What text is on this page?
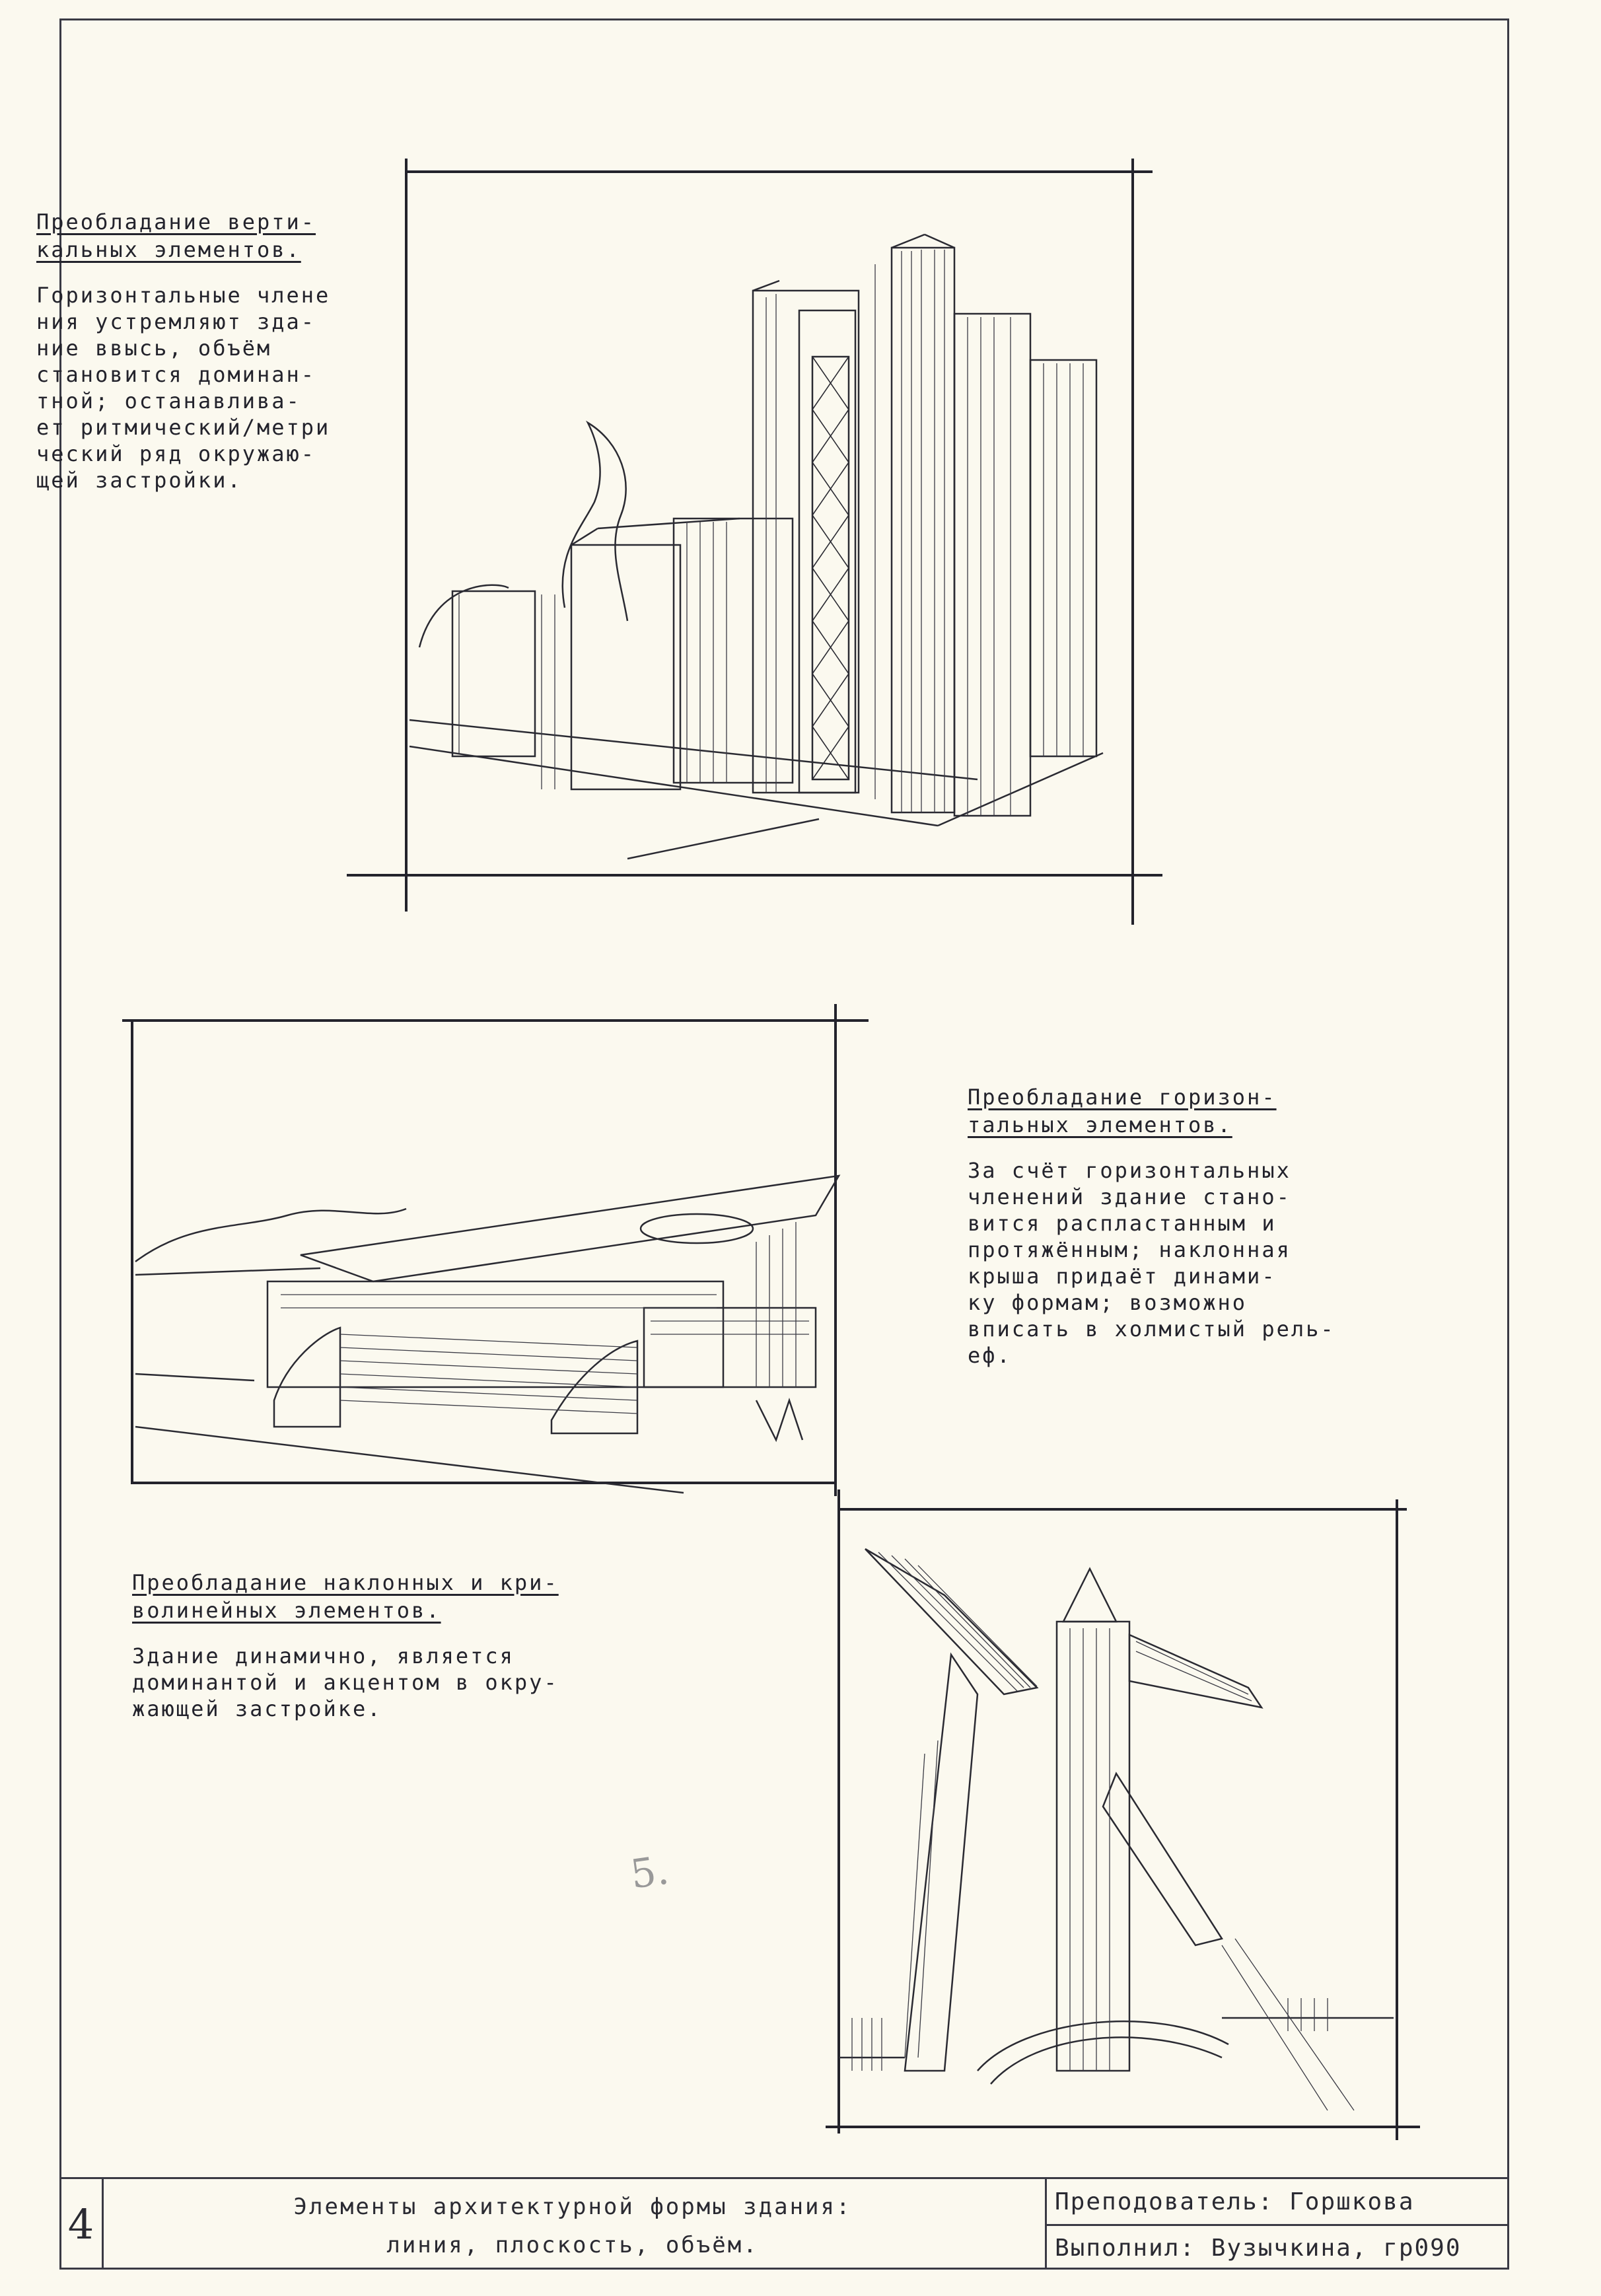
Преобладание верти-
кальных элементов.
Горизонтальные члене
ния устремляют зда-
ние ввысь, объём
становится доминан-
тной; останавлива-
ет ритмический/метри
ческий ряд окружаю-
щей застройки.
Преобладание горизон-
тальных элементов.
За счёт горизонтальных
членений здание стано-
вится распластанным и
протяжённым; наклонная
крыша придаёт динами-
ку формам; возможно
вписать в холмистый рель-
еф.
Преобладание наклонных и кри-
волинейных элементов.
Здание динамично, является
доминантой и акцентом в окру-
жающей застройке.
5.
4	Элементы архитектурной формы здания:
линия, плоскость, объём.
Преподователь: Горшкова
Выполнил: Вузычкина, гр090
